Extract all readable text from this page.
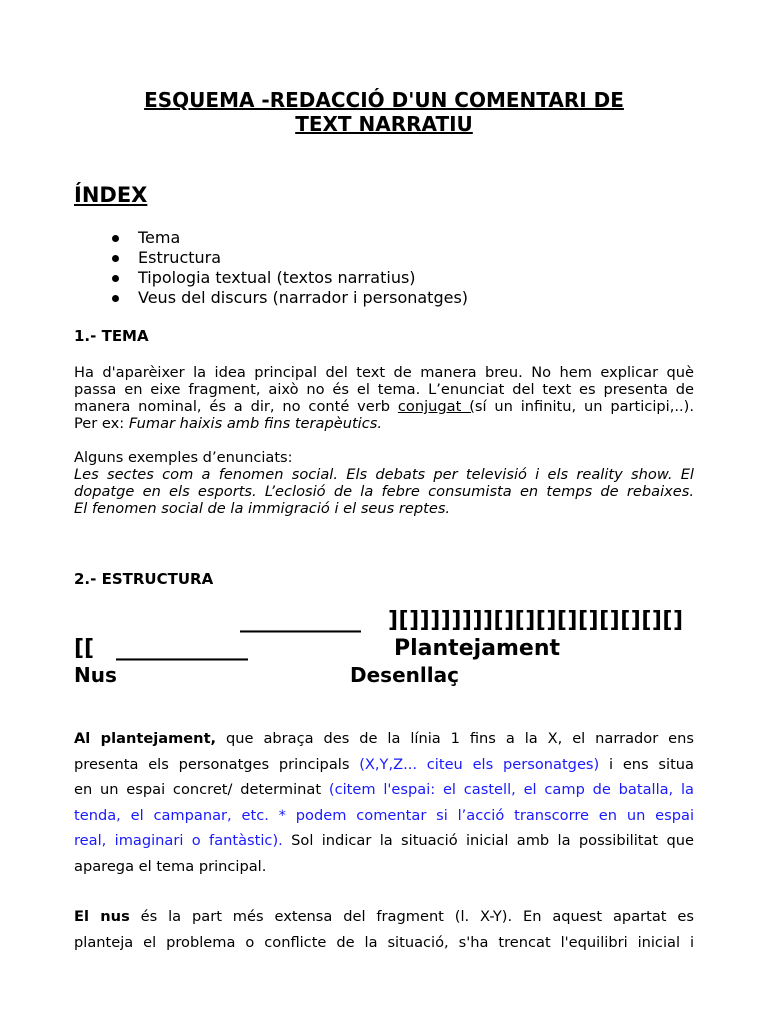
ESQUEMA -REDACCIÓ D'UN COMENTARI DE
TEXT NARRATIU
ÍNDEX
Tema
Estructura
Tipologia textual (textos narratius)
Veus del discurs (narrador i personatges)
1.- TEMA
Ha d'aparèixer la idea principal del text de manera breu. No hem explicar què
passa en eixe fragment, això no és el tema. L’enunciat del text es presenta de
manera nominal, és a dir, no conté verb conjugat (sí un infinitu, un participi,..).
Per ex: Fumar haixis amb fins terapèutics.
Alguns exemples d’enunciats:
Les sectes com a fenomen social. Els debats per televisió i els reality show. El
dopatge en els esports. L’eclosió de la febre consumista en temps de rebaixes.
El fenomen social de la immigració i el seus reptes.
2.- ESTRUCTURA
___________ ][]]]]]]]][][][][][][][][][]
[[ ____________	Plantejament
Nus	Desenllaç
Al plantejament, que abraça des de la línia 1 fins a la X, el narrador ens
presenta els personatges principals (X,Y,Z... citeu els personatges) i ens situa
en un espai concret/ determinat (citem l'espai: el castell, el camp de batalla, la
tenda, el campanar, etc. * podem comentar si l’acció transcorre en un espai
real, imaginari o fantàstic). Sol indicar la situació inicial amb la possibilitat que
aparega el tema principal.
El nus és la part més extensa del fragment (l. X-Y). En aquest apartat es
planteja el problema o conflicte de la situació, s'ha trencat l'equilibri inicial i
